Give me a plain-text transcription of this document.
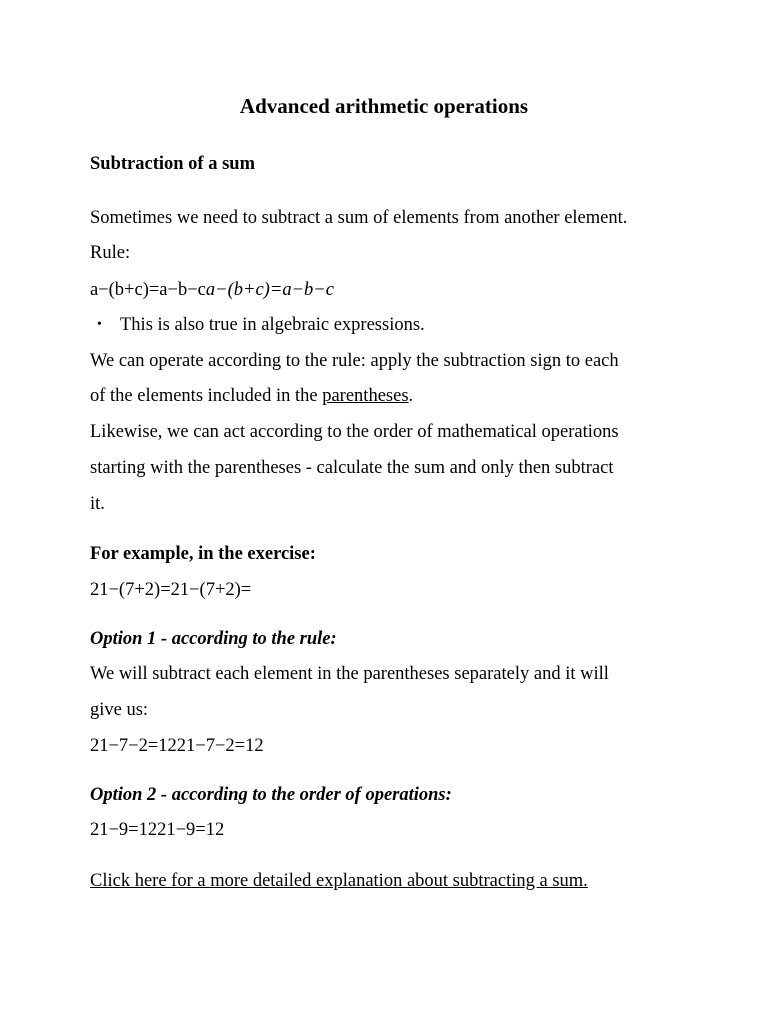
Advanced arithmetic operations
Subtraction of a sum
Sometimes we need to subtract a sum of elements from another element.
Rule:
a−(b+c)=a−b−ca−(b+c)=a−b−c
• This is also true in algebraic expressions.
We can operate according to the rule: apply the subtraction sign to each
of the elements included in the parentheses.
Likewise, we can act according to the order of mathematical operations
starting with the parentheses - calculate the sum and only then subtract
it.
For example, in the exercise:
21−(7+2)=21−(7+2)=
Option 1 - according to the rule:
We will subtract each element in the parentheses separately and it will
give us:
21−7−2=1221−7−2=12
Option 2 - according to the order of operations:
21−9=1221−9=12
Click here for a more detailed explanation about subtracting a sum.
